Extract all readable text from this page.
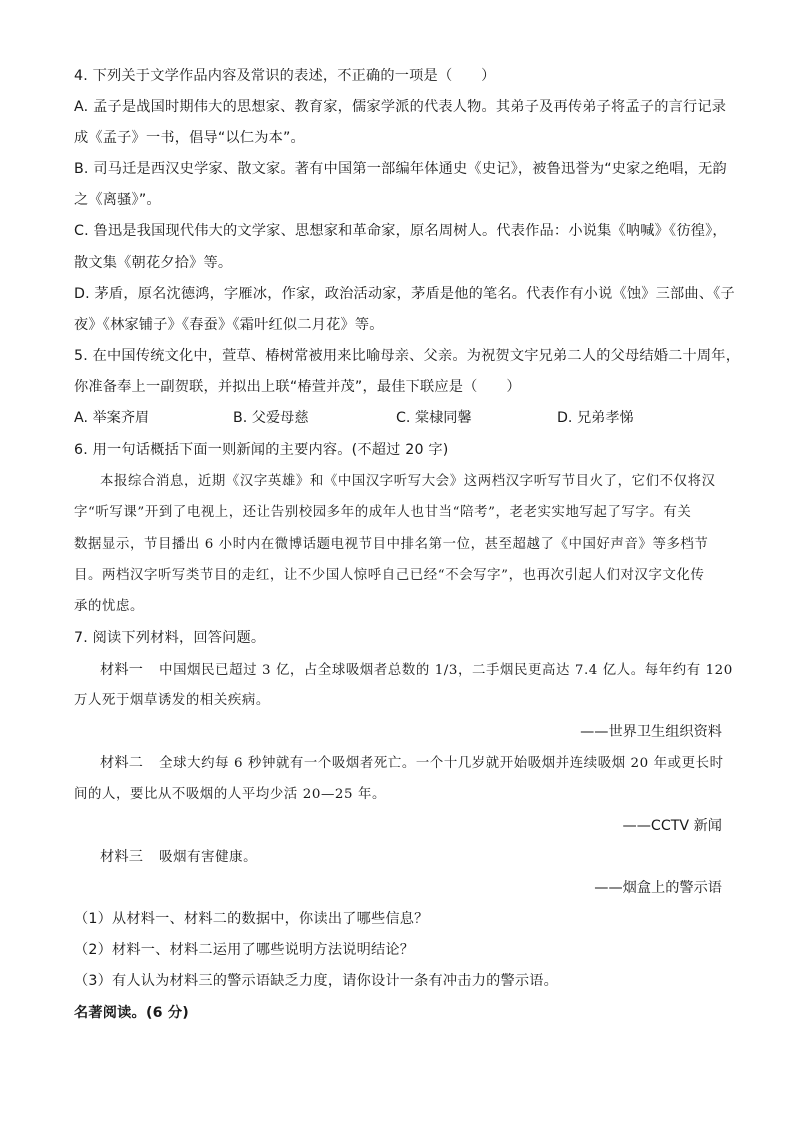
4. 下列关于文学作品内容及常识的表述，不正确的一项是（　　）
A. 孟子是战国时期伟大的思想家、教育家，儒家学派的代表人物。其弟子及再传弟子将孟子的言行记录
成《孟子》一书，倡导“以仁为本”。
B. 司马迁是西汉史学家、散文家。著有中国第一部编年体通史《史记》，被鲁迅誉为“史家之绝唱，无韵
之《离骚》”。
C. 鲁迅是我国现代伟大的文学家、思想家和革命家，原名周树人。代表作品：小说集《呐喊》《彷徨》，
散文集《朝花夕拾》等。
D. 茅盾，原名沈德鸿，字雁冰，作家，政治活动家，茅盾是他的笔名。代表作有小说《蚀》三部曲、《子
夜》《林家铺子》《春蚕》《霜叶红似二月花》等。
5. 在中国传统文化中，萱草、椿树常被用来比喻母亲、父亲。为祝贺文宇兄弟二人的父母结婚二十周年，
你准备奉上一副贺联，并拟出上联“椿萱并茂”，最佳下联应是（　　）
A. 举案齐眉	B. 父爱母慈	C. 棠棣同馨	D. 兄弟孝悌
6. 用一句话概括下面一则新闻的主要内容。(不超过 20 字)
本报综合消息，近期《汉字英雄》和《中国汉字听写大会》这两档汉字听写节目火了，它们不仅将汉
字“听写课”开到了电视上，还让告别校园多年的成年人也甘当“陪考”，老老实实地写起了写字。有关
数据显示，节目播出 6 小时内在微博话题电视节目中排名第一位，甚至超越了《中国好声音》等多档节
目。两档汉字听写类节目的走红，让不少国人惊呼自己已经“不会写字”，也再次引起人们对汉字文化传
承的忧虑。
7. 阅读下列材料，回答问题。
材料一 中国烟民已超过 3 亿，占全球吸烟者总数的 1/3，二手烟民更高达 7.4 亿人。每年约有 120
万人死于烟草诱发的相关疾病。
——世界卫生组织资料
材料二 全球大约每 6 秒钟就有一个吸烟者死亡。一个十几岁就开始吸烟并连续吸烟 20 年或更长时
间的人，要比从不吸烟的人平均少活 20—25 年。
——CCTV 新闻
材料三 吸烟有害健康。
——烟盒上的警示语
（1）从材料一、材料二的数据中，你读出了哪些信息？
（2）材料一、材料二运用了哪些说明方法说明结论？
（3）有人认为材料三的警示语缺乏力度，请你设计一条有冲击力的警示语。
名著阅读。(6 分)
